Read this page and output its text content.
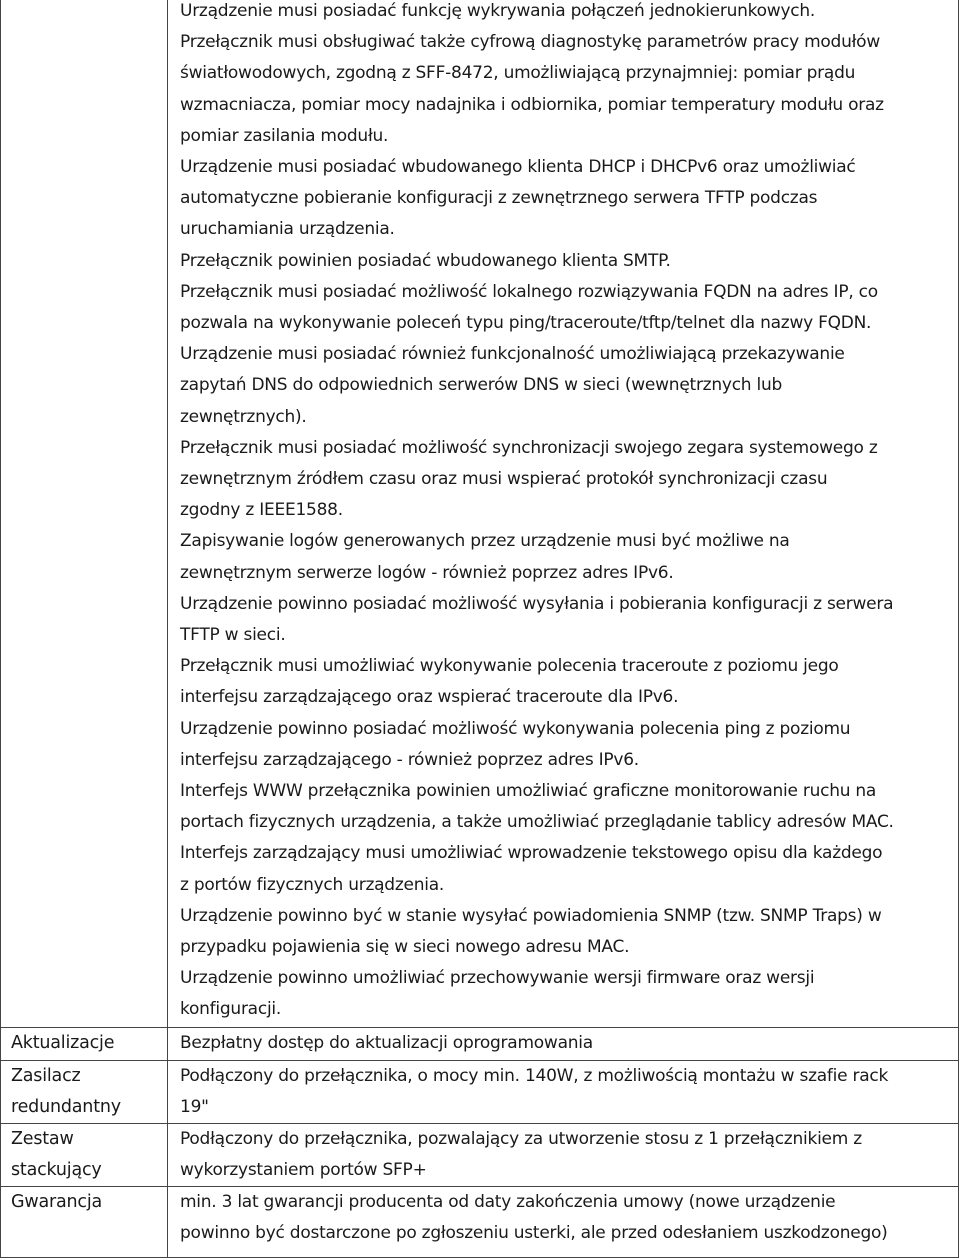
Urządzenie musi posiadać funkcję wykrywania połączeń jednokierunkowych.
Przełącznik musi obsługiwać także cyfrową diagnostykę parametrów pracy modułów
światłowodowych, zgodną z SFF-8472, umożliwiającą przynajmniej: pomiar prądu
wzmacniacza, pomiar mocy nadajnika i odbiornika, pomiar temperatury modułu oraz
pomiar zasilania modułu.
Urządzenie musi posiadać wbudowanego klienta DHCP i DHCPv6 oraz umożliwiać
automatyczne pobieranie konfiguracji z zewnętrznego serwera TFTP podczas
uruchamiania urządzenia.
Przełącznik powinien posiadać wbudowanego klienta SMTP.
Przełącznik musi posiadać możliwość lokalnego rozwiązywania FQDN na adres IP, co
pozwala na wykonywanie poleceń typu ping/traceroute/tftp/telnet dla nazwy FQDN.
Urządzenie musi posiadać również funkcjonalność umożliwiającą przekazywanie
zapytań DNS do odpowiednich serwerów DNS w sieci (wewnętrznych lub
zewnętrznych).
Przełącznik musi posiadać możliwość synchronizacji swojego zegara systemowego z
zewnętrznym źródłem czasu oraz musi wspierać protokół synchronizacji czasu
zgodny z IEEE1588.
Zapisywanie logów generowanych przez urządzenie musi być możliwe na
zewnętrznym serwerze logów - również poprzez adres IPv6.
Urządzenie powinno posiadać możliwość wysyłania i pobierania konfiguracji z serwera
TFTP w sieci.
Przełącznik musi umożliwiać wykonywanie polecenia traceroute z poziomu jego
interfejsu zarządzającego oraz wspierać traceroute dla IPv6.
Urządzenie powinno posiadać możliwość wykonywania polecenia ping z poziomu
interfejsu zarządzającego - również poprzez adres IPv6.
Interfejs WWW przełącznika powinien umożliwiać graficzne monitorowanie ruchu na
portach fizycznych urządzenia, a także umożliwiać przeglądanie tablicy adresów MAC.
Interfejs zarządzający musi umożliwiać wprowadzenie tekstowego opisu dla każdego
z portów fizycznych urządzenia.
Urządzenie powinno być w stanie wysyłać powiadomienia SNMP (tzw. SNMP Traps) w
przypadku pojawienia się w sieci nowego adresu MAC.
Urządzenie powinno umożliwiać przechowywanie wersji firmware oraz wersji
konfiguracji.
Aktualizacje	Bezpłatny dostęp do aktualizacji oprogramowania
Zasilacz
redundantny
Podłączony do przełącznika, o mocy min. 140W, z możliwością montażu w szafie rack
19"
Zestaw
stackujący
Podłączony do przełącznika, pozwalający za utworzenie stosu z 1 przełącznikiem z
wykorzystaniem portów SFP+
Gwarancja	min. 3 lat gwarancji producenta od daty zakończenia umowy (nowe urządzenie
powinno być dostarczone po zgłoszeniu usterki, ale przed odesłaniem uszkodzonego)
